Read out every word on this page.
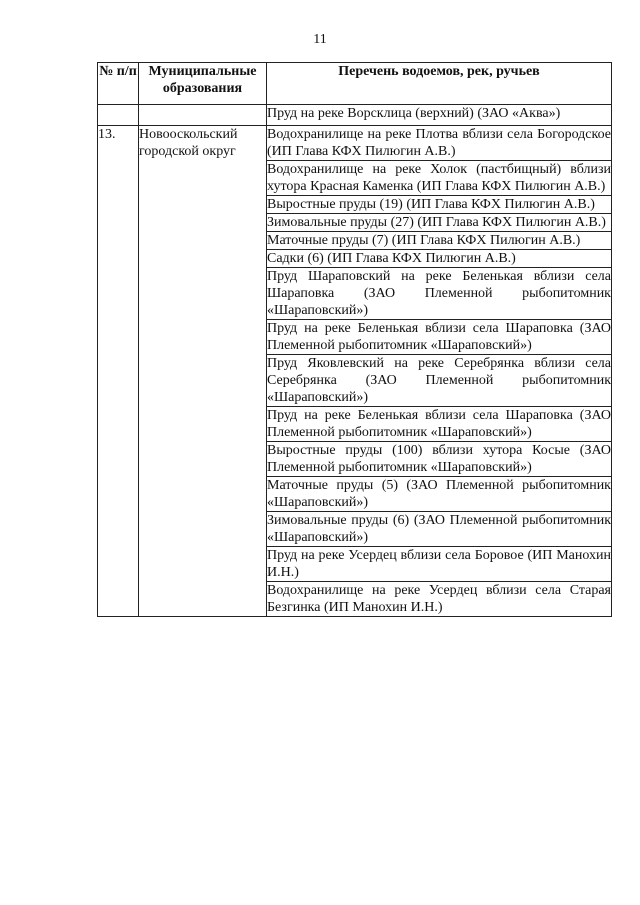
11
№ п/п	Муниципальные образования	Перечень водоемов, рек, ручьев

		Пруд на реке Ворсклица (верхний) (ЗАО «Аква»)
13.	Новооскольский городской округ	Водохранилище на реке Плотва вблизи села Богородское (ИП Глава КФХ Пилюгин А.В.)
		Водохранилище на реке Холок (пастбищный) вблизи хутора Красная Каменка (ИП Глава КФХ Пилюгин А.В.)
		Выростные пруды (19) (ИП Глава КФХ Пилюгин А.В.)
		Зимовальные пруды (27) (ИП Глава КФХ Пилюгин А.В.)
		Маточные пруды (7) (ИП Глава КФХ Пилюгин А.В.)
		Садки (6) (ИП Глава КФХ Пилюгин А.В.)
		Пруд Шараповский на реке Беленькая вблизи села Шараповка (ЗАО Племенной рыбопитомник «Шараповский»)
		Пруд на реке Беленькая вблизи села Шараповка (ЗАО Племенной рыбопитомник «Шараповский»)
		Пруд Яковлевский на реке Серебрянка вблизи села Серебрянка (ЗАО Племенной рыбопитомник «Шараповский»)
		Пруд на реке Беленькая вблизи села Шараповка (ЗАО Племенной рыбопитомник «Шараповский»)
		Выростные пруды (100) вблизи хутора Косые (ЗАО Племенной рыбопитомник «Шараповский»)
		Маточные пруды (5) (ЗАО Племенной рыбопитомник «Шараповский»)
		Зимовальные пруды (6) (ЗАО Племенной рыбопитомник «Шараповский»)
		Пруд на реке Усердец вблизи села Боровое (ИП Манохин И.Н.)
		Водохранилище на реке Усердец вблизи села Старая Безгинка (ИП Манохин И.Н.)
